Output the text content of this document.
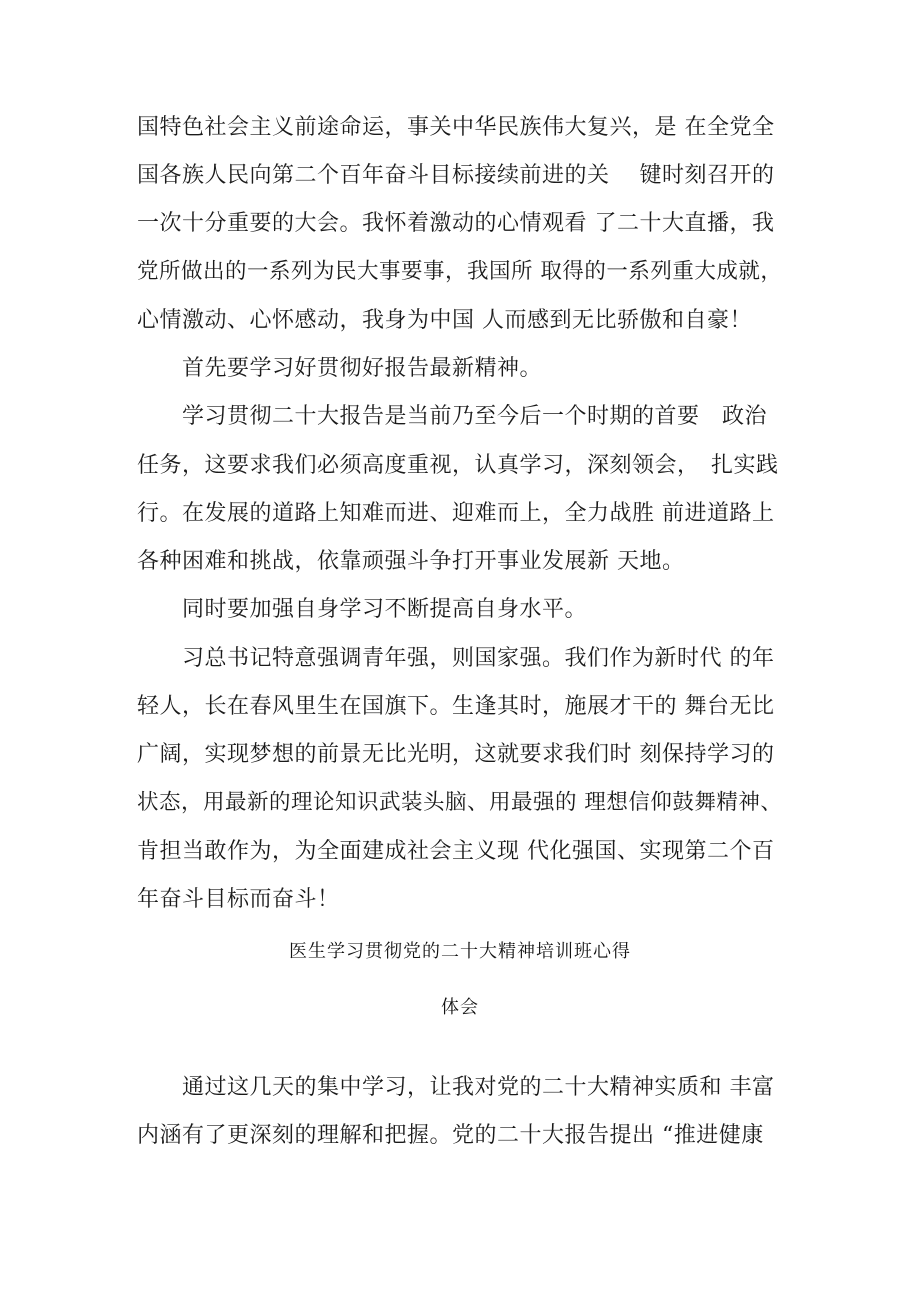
国特色社会主义前途命运，事关中华民族伟大复兴，是 在全党全
国各族人民向第二个百年奋斗目标接续前进的关　 键时刻召开的
一次十分重要的大会。我怀着激动的心情观看 了二十大直播，我
党所做出的一系列为民大事要事，我国所 取得的一系列重大成就，
心情激动、心怀感动，我身为中国 人而感到无比骄傲和自豪！
　　首先要学习好贯彻好报告最新精神。
　　学习贯彻二十大报告是当前乃至今后一个时期的首要　政治
任务，这要求我们必须高度重视，认真学习，深刻领会，　扎实践
行。在发展的道路上知难而进、迎难而上，全力战胜 前进道路上
各种困难和挑战，依靠顽强斗争打开事业发展新 天地。
　　同时要加强自身学习不断提高自身水平。
　　习总书记特意强调青年强，则国家强。我们作为新时代 的年
轻人，长在春风里生在国旗下。生逢其时，施展才干的 舞台无比
广阔，实现梦想的前景无比光明，这就要求我们时 刻保持学习的
状态，用最新的理论知识武装头脑、用最强的 理想信仰鼓舞精神、
肯担当敢作为，为全面建成社会主义现 代化强国、实现第二个百
年奋斗目标而奋斗！
医生学习贯彻党的二十大精神培训班心得
体会
　　通过这几天的集中学习，让我对党的二十大精神实质和 丰富
内涵有了更深刻的理解和把握。党的二十大报告提出 “推进健康
